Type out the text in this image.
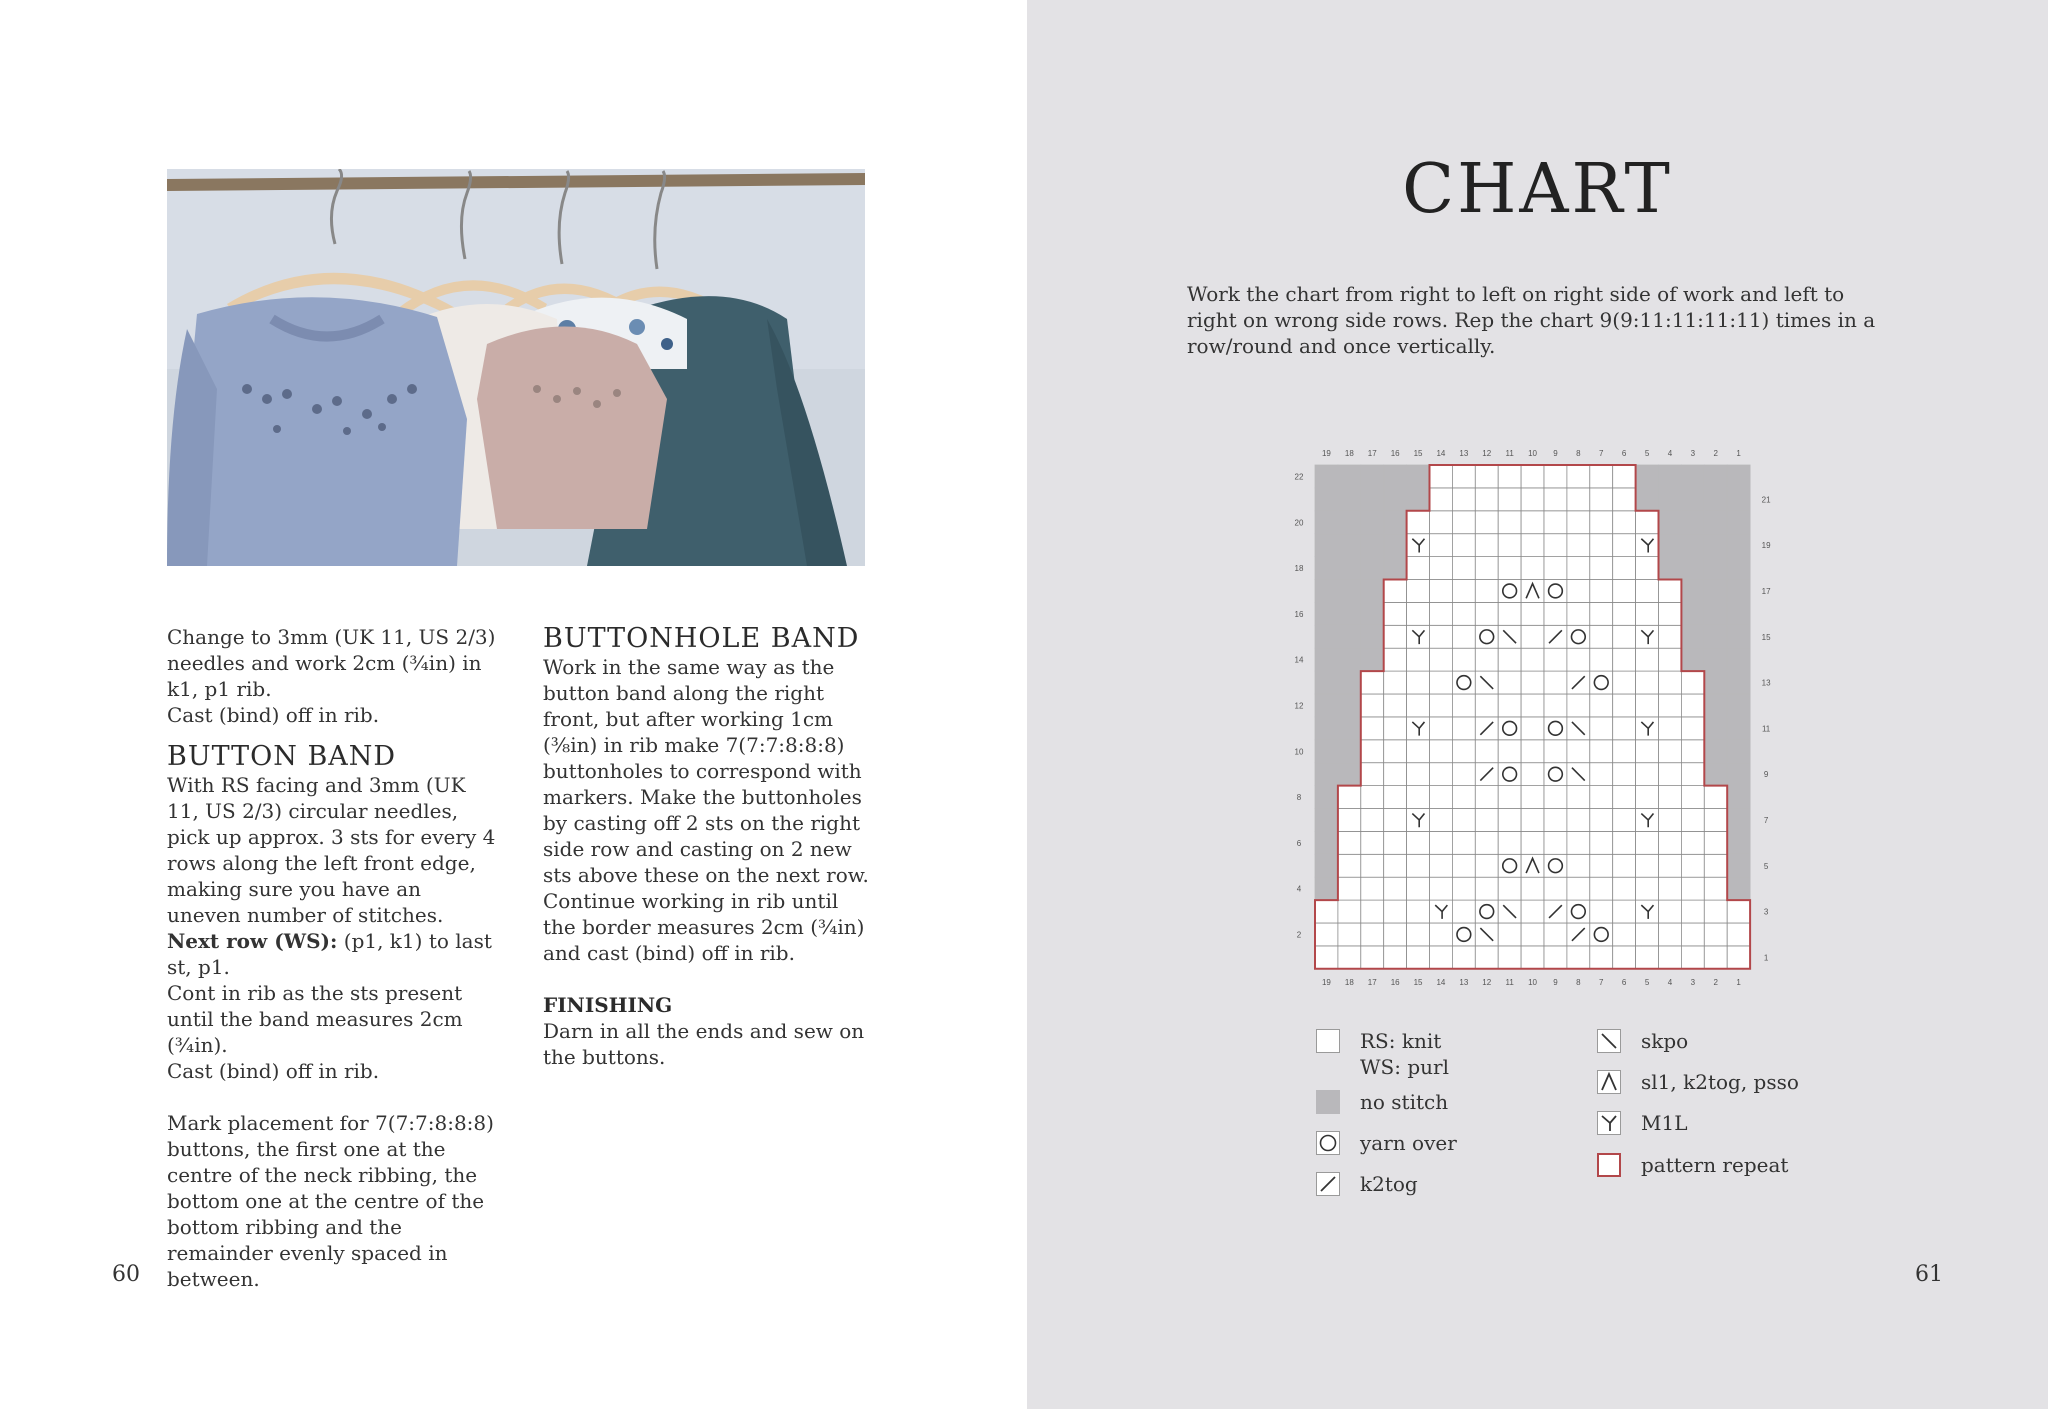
Change to 3mm (UK 11, US 2/3) needles and work 2cm (¾in) in k1, p1 rib.

Cast (bind) off in rib.

BUTTON BAND

With RS facing and 3mm (UK 11, US 2/3) circular needles, pick up approx. 3 sts for every 4 rows along the left front edge, making sure you have an uneven number of stitches.

Next row (WS): (p1, k1) to last st, p1.

Cont in rib as the sts present until the band measures 2cm (¾in).

Cast (bind) off in rib.

Mark placement for 7(7:7:8:8:8) buttons, the first one at the centre of the neck ribbing, the bottom one at the centre of the bottom ribbing and the remainder evenly spaced in between.

BUTTONHOLE BAND

Work in the same way as the button band along the right front, but after working 1cm (⅜in) in rib make 7(7:7:8:8:8) buttonholes to correspond with markers. Make the buttonholes by casting off 2 sts on the right side row and casting on 2 new sts above these on the next row.

Continue working in rib until the border measures 2cm (¾in) and cast (bind) off in rib.

FINISHING

Darn in all the ends and sew on the buttons.

60
CHART

Work the chart from right to left on right side of work and left to right on wrong side rows. Rep the chart 9(9:11:11:11:11) times in a row/round and once vertically.

19
19
18
18
17
17
16
16
15
15
14
14
13
13
12
12
11
11
10
10
9
9
8
8
7
7
6
6
5
5
4
4
3
3
2
2
1
1
22
20
18
16
14
12
10
8
6
4
2
21
19
17
15
13
11
9
7
5
3
1
RS: knit
WS: purl
no stitch
yarn over
k2tog
skpo
sl1, k2tog, psso
M1L
pattern repeat
61
